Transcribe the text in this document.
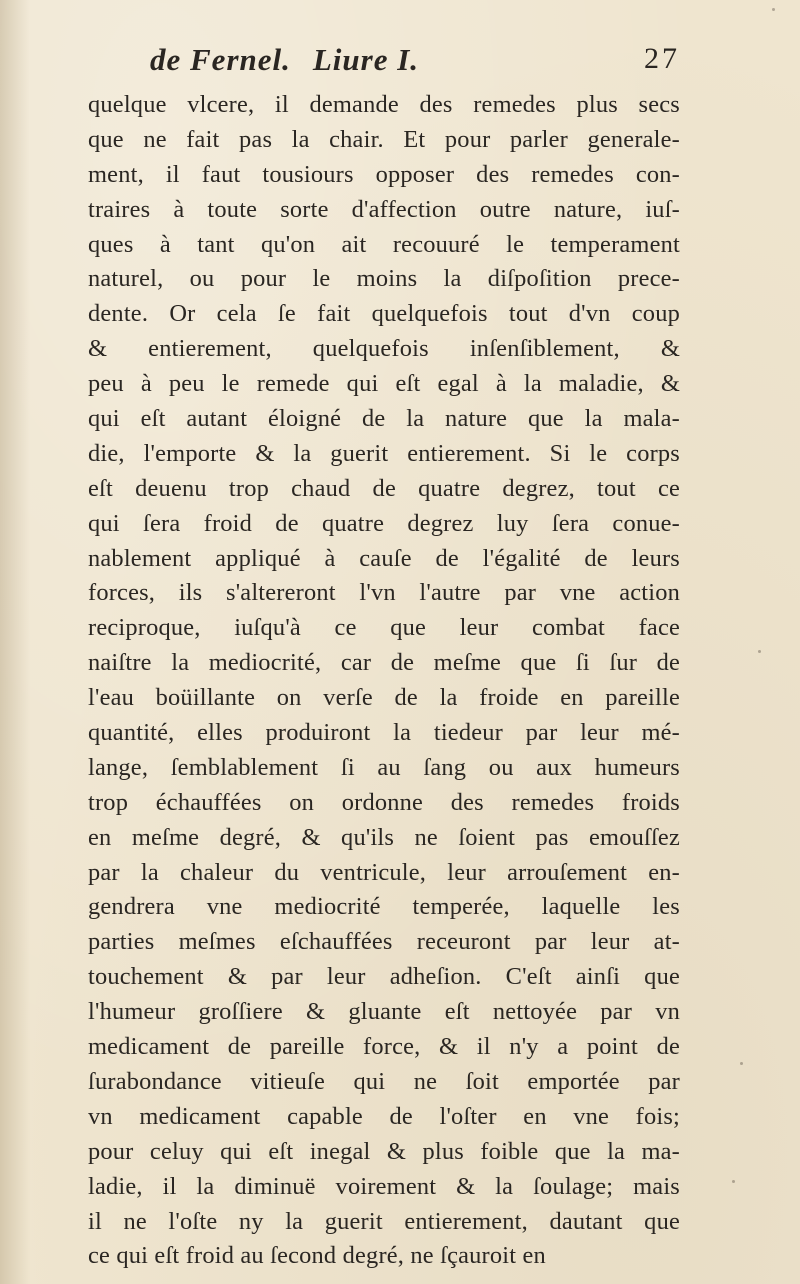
de Fernel. Liure I.	27
quelque vlcere, il demande des remedes plus secs
que ne fait pas la chair. Et pour parler generale-
ment, il faut tousiours opposer des remedes con-
traires à toute sorte d'affection outre nature, iuſ-
ques à tant qu'on ait recouuré le temperament
naturel, ou pour le moins la diſpoſition prece-
dente. Or cela ſe fait quelquefois tout d'vn coup
& entierement, quelquefois inſenſiblement, &
peu à peu le remede qui eſt egal à la maladie, &
qui eſt autant éloigné de la nature que la mala-
die, l'emporte & la guerit entierement. Si le corps
eſt deuenu trop chaud de quatre degrez, tout ce
qui ſera froid de quatre degrez luy ſera conue-
nablement appliqué à cauſe de l'égalité de leurs
forces, ils s'altereront l'vn l'autre par vne action
reciproque, iuſqu'à ce que leur combat face
naiſtre la mediocrité, car de meſme que ſi ſur de
l'eau boüillante on verſe de la froide en pareille
quantité, elles produiront la tiedeur par leur mé-
lange, ſemblablement ſi au ſang ou aux humeurs
trop échauffées on ordonne des remedes froids
en meſme degré, & qu'ils ne ſoient pas emouſſez
par la chaleur du ventricule, leur arrouſement en-
gendrera vne mediocrité temperée, laquelle les
parties meſmes eſchauffées receuront par leur at-
touchement & par leur adheſion. C'eſt ainſi que
l'humeur groſſiere & gluante eſt nettoyée par vn
medicament de pareille force, & il n'y a point de
ſurabondance vitieuſe qui ne ſoit emportée par
vn medicament capable de l'oſter en vne fois;
pour celuy qui eſt inegal & plus foible que la ma-
ladie, il la diminuë voirement & la ſoulage; mais
il ne l'oſte ny la guerit entierement, dautant que
ce qui eſt froid au ſecond degré, ne ſçauroit en
